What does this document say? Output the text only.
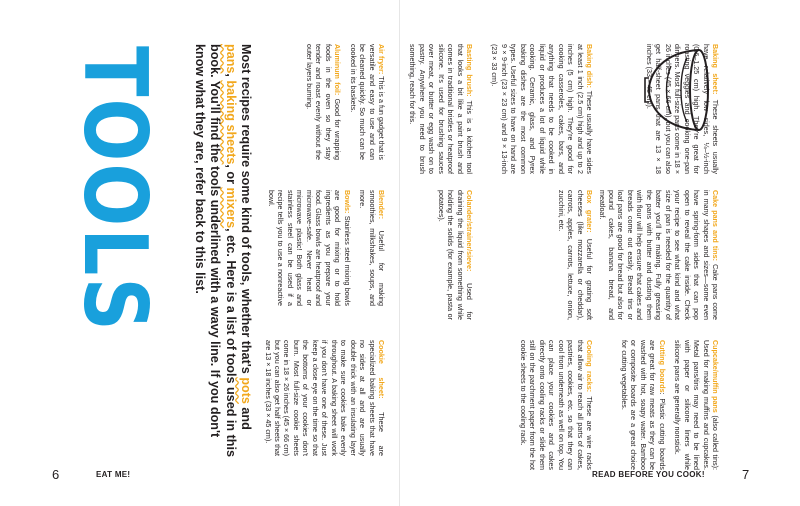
6	EAT ME!	READ BEFORE YOU COOK!	7
TOOLS	Most recipes require some kind of tools, whether that's pots and pans, baking sheets, or mixers, etc. Here is a list of tools used in this book. You'll find the tools underlined with a wavy line. If you don't know what they are, refer back to this list.	Air fryer: This is a fun gadget that is versatile and easy to use and can be cleaned quickly. So much can be cooked in its baskets.

Aluminum foil: Good for wrapping foods in the oven so they stay tender and roast evenly without the outer layers burning.

Blender: Useful for making smoothies, milkshakes, soups, and more.

Bowls: Stainless steel mixing bowls are good for mixing or to hold ingredients as you prepare your food. Glass bowls are heatproof and microwave-safe. Never heat or microwave plastic! Both glass and stainless steel can be used if a recipe tells you to use a nonreactive bowl.

Cookie sheet: These are specialized baking sheets that have no sides at all and are usually double thick with an insulating layer to make sure cookies bake evenly throughout. A baking sheet will work if you don't have one of these. Just keep a close eye on the time so that the bottoms of your cookies don't burn. Most full-size cookie sheets come in 18 × 26 inches (45 × 66 cm) but you can also get half sheets that are 13 × 18 inches (33 × 45 cm).

Baking dish: These usually have sides at least 1 inch (2.5 cm) high and up to 2 inches (5 cm) high. They're good for cooking casseroles, cakes, bars, and anything that needs to be cooked in liquid or produces a lot of liquid while cooking. Ceramic, glass, and Pyrex baking dishes are the most common types. Useful sizes to have on hand are 9 × 9-inch (23 × 23 cm) and 9 × 13-inch (23 × 33 cm).

Box grater: Useful for grating soft cheeses (like mozzarella or cheddar), carrots, apples, carrots, lettuce, onion, zucchini, etc.

Cooling racks: These are wire racks that allow air to reach all parts of cakes, pastries, cookies, etc. so that they can cool from underneath as well on top. You can place your cookies and cakes directly onto cooling racks or slide them still on the parchment paper from the hot cookie sheets to the cooling rack.

Baking sheet: These sheets usually have relatively low sides, ¼–½-inch (0.6–1.25 cm) high. They're great for roasting veggies and cooking one-pan dinners. Most full-size pans come in 18 × 26 inches (45 × 66 cm), but you can also get half-sheet pans that are 13 × 18 inches (33 × 45 cm).

Cake pans and tins: Cake pans come in many shapes and sizes—some even have spring-form sides that can pop open to reveal the cake inside. Check your recipe to see what kind and what size of pan is needed for the quantity of batter you'll be making. Fully greasing the pans with butter and dusting them with flour will help ensure that cakes and breads come out easily. Bread tins or loaf pans are good for bread but also for pound cakes, banana bread, and meatloaf.

Cupcake/muffin pans (also called tins): Used for making muffins and cupcakes. Metal pans/tins may need to be lined with paper or silicone liners while silicone pans are generally nonstick.

Cutting boards: Plastic cutting boards are great for raw meats as they can be washed with hot, soapy water. Bamboo or composite boards are a great choice for cutting vegetables.

Basting brush: This is a kitchen tool that looks a bit like a paint brush and comes in traditional bristles or heatproof silicone. It's used for brushing sauces over meat, or butter or egg wash on to pastry. Anywhere you need to brush something, reach for this.

Colander/strainer/sieve: Used for draining the liquid from something while holding the solids (for example, pasta or potatoes).
